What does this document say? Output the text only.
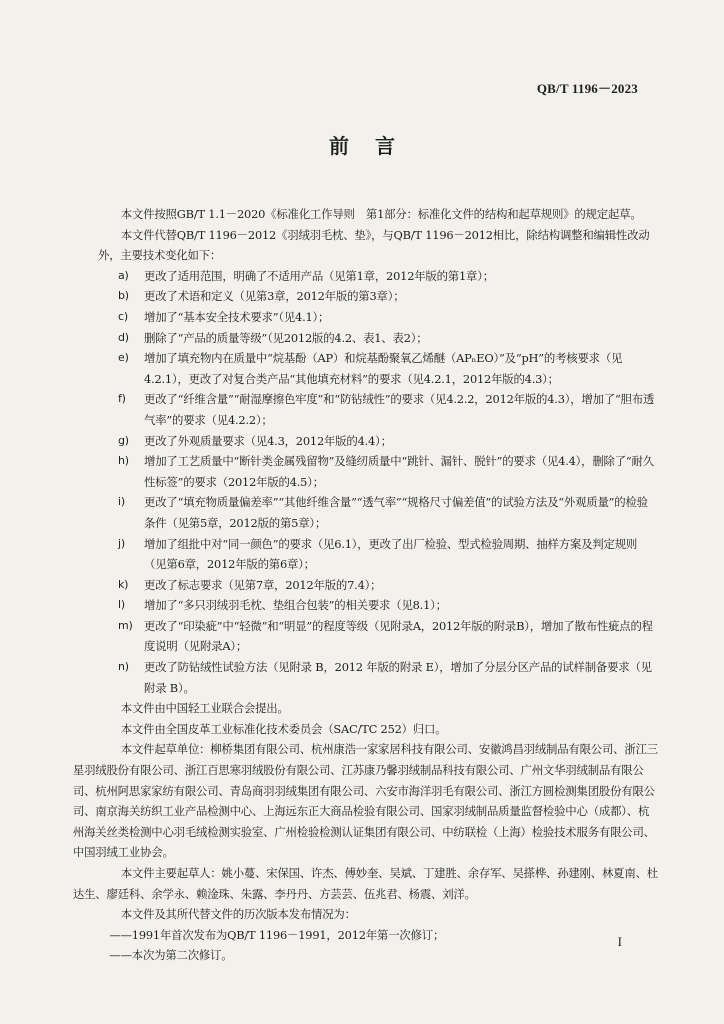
QB/T 1196－2023
前言

本文件按照GB/T 1.1－2020《标准化工作导则　第1部分：标准化文件的结构和起草规则》的规定起草。

本文件代替QB/T 1196－2012《羽绒羽毛枕、垫》，与QB/T 1196－2012相比，除结构调整和编辑性改动外，主要技术变化如下：

a)	更改了适用范围，明确了不适用产品（见第1章，2012年版的第1章）；
b)	更改了术语和定义（见第3章，2012年版的第3章）；
c)	增加了“基本安全技术要求”（见4.1）；
d)	删除了“产品的质量等级”（见2012版的4.2、表1、表2）；
e)	增加了填充物内在质量中“烷基酚（AP）和烷基酚聚氧乙烯醚（APₙEO）”及“pH”的考核要求（见4.2.1），更改了对复合类产品“其他填充材料”的要求（见4.2.1，2012年版的4.3）；
f)	更改了“纤维含量”“耐湿摩擦色牢度”和“防钻绒性”的要求（见4.2.2，2012年版的4.3），增加了“胆布透气率”的要求（见4.2.2）；
g)	更改了外观质量要求（见4.3，2012年版的4.4）；
h)	增加了工艺质量中“断针类金属残留物”及缝纫质量中“跳针、漏针、脱针”的要求（见4.4），删除了“耐久性标签”的要求（2012年版的4.5）；
i)	更改了“填充物质量偏差率”“其他纤维含量”“透气率”“规格尺寸偏差值”的试验方法及“外观质量”的检验条件（见第5章，2012版的第5章）；
j)	增加了组批中对“同一颜色”的要求（见6.1），更改了出厂检验、型式检验周期、抽样方案及判定规则（见第6章，2012年版的第6章）；
k)	更改了标志要求（见第7章，2012年版的7.4）；
l)	增加了“多只羽绒羽毛枕、垫组合包装”的相关要求（见8.1）；
m) 更改了“印染疵”中“轻微”和“明显”的程度等级（见附录A，2012年版的附录B），增加了散布性疵点的程度说明（见附录A）；
n)	更改了防钻绒性试验方法（见附录 B，2012 年版的附录 E），增加了分层分区产品的试样制备要求（见附录 B）。

本文件由中国轻工业联合会提出。

本文件由全国皮革工业标准化技术委员会（SAC/TC 252）归口。

本文件起草单位：柳桥集团有限公司、杭州康浩一家家居科技有限公司、安徽鸿昌羽绒制品有限公司、浙江三星羽绒股份有限公司、浙江百思寒羽绒股份有限公司、江苏康乃馨羽绒制品科技有限公司、广州文华羽绒制品有限公司、杭州阿思家家纺有限公司、青岛商羽羽绒集团有限公司、六安市海洋羽毛有限公司、浙江方圆检测集团股份有限公司、南京海关纺织工业产品检测中心、上海远东正大商品检验有限公司、国家羽绒制品质量监督检验中心（成都）、杭州海关丝类检测中心羽毛绒检测实验室、广州检验检测认证集团有限公司、中纺联检（上海）检验技术服务有限公司、中国羽绒工业协会。

本文件主要起草人：姚小蔓、宋保国、许杰、傅妙奎、吴斌、丁建胜、余存军、吴搽桦、孙建刚、林夏南、杜达生、廖廷科、余学永、赖淦珠、朱露、李丹丹、方芸芸、伍兆君、杨震、刘洋。

本文件及其所代替文件的历次版本发布情况为：

——1991年首次发布为QB/T 1196－1991，2012年第一次修订；

——本次为第二次修订。

I
